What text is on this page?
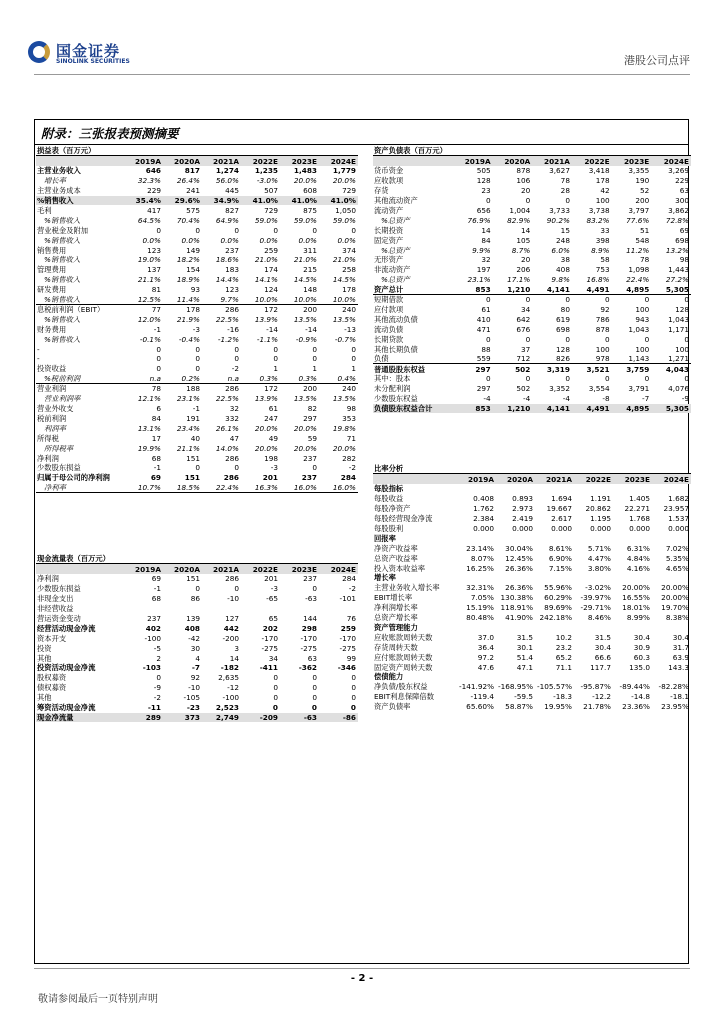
国金证券
SINOLINK SECURITIES	港股公司点评
附录：三张报表预测摘要
损益表（百万元）						
	2019A	2020A	2021A	2022E	2023E	2024E
主营业务收入	646	817	1,274	1,235	1,483	1,779
增长率	32.3%	26.4%	56.0%	-3.0%	20.0%	20.0%
主营业务成本	229	241	445	507	608	729
%销售收入	35.4%	29.6%	34.9%	41.0%	41.0%	41.0%
毛利	417	575	827	729	875	1,050
%销售收入	64.5%	70.4%	64.9%	59.0%	59.0%	59.0%
营业税金及附加	0	0	0	0	0	0
%销售收入	0.0%	0.0%	0.0%	0.0%	0.0%	0.0%
销售费用	123	149	237	259	311	374
%销售收入	19.0%	18.2%	18.6%	21.0%	21.0%	21.0%
管理费用	137	154	183	174	215	258
%销售收入	21.1%	18.9%	14.4%	14.1%	14.5%	14.5%
研发费用	81	93	123	124	148	178
%销售收入	12.5%	11.4%	9.7%	10.0%	10.0%	10.0%
息税前利润（EBIT）	77	178	286	172	200	240
%销售收入	12.0%	21.9%	22.5%	13.9%	13.5%	13.5%
财务费用	-1	-3	-16	-14	-14	-13
%销售收入	-0.1%	-0.4%	-1.2%	-1.1%	-0.9%	-0.7%
-	0	0	0	0	0	0
-	0	0	0	0	0	0
投资收益	0	0	-2	1	1	1
%税前利润	n.a	0.2%	n.a	0.3%	0.3%	0.4%
营业利润	78	188	286	172	200	240
营业利润率	12.1%	23.1%	22.5%	13.9%	13.5%	13.5%
营业外收支	6	-1	32	61	82	98
税前利润	84	191	332	247	297	353
利润率	13.1%	23.4%	26.1%	20.0%	20.0%	19.8%
所得税	17	40	47	49	59	71
所得税率	19.9%	21.1%	14.0%	20.0%	20.0%	20.0%
净利润	68	151	286	198	237	282
少数股东损益	-1	0	0	-3	0	-2
归属于母公司的净利润	69	151	286	201	237	284
净利率	10.7%	18.5%	22.4%	16.3%	16.0%	16.0%
资产负债表（百万元）						
	2019A	2020A	2021A	2022E	2023E	2024E
货币资金	505	878	3,627	3,418	3,355	3,269
应收款项	128	106	78	178	190	229
存货	23	20	28	42	52	63
其他流动资产	0	0	0	100	200	300
流动资产	656	1,004	3,733	3,738	3,797	3,862
%总资产	76.9%	82.9%	90.2%	83.2%	77.6%	72.8%
长期投资	14	14	15	33	51	69
固定资产	84	105	248	398	548	698
%总资产	9.9%	8.7%	6.0%	8.9%	11.2%	13.2%
无形资产	32	20	38	58	78	98
非流动资产	197	206	408	753	1,098	1,443
%总资产	23.1%	17.1%	9.8%	16.8%	22.4%	27.2%
资产总计	853	1,210	4,141	4,491	4,895	5,305
短期借款	0	0	0	0	0	0
应付款项	61	34	80	92	100	128
其他流动负债	410	642	619	786	943	1,043
流动负债	471	676	698	878	1,043	1,171
长期贷款	0	0	0	0	0	0
其他长期负债	88	37	128	100	100	100
负债	559	712	826	978	1,143	1,271
普通股股东权益	297	502	3,319	3,521	3,759	4,043
其中：股本	0	0	0	0	0	0
未分配利润	297	502	3,352	3,554	3,791	4,076
少数股东权益	-4	-4	-4	-8	-7	-9
负债股东权益合计	853	1,210	4,141	4,491	4,895	5,305
比率分析						
	2019A	2020A	2021A	2022E	2023E	2024E
每股指标						
每股收益	0.408	0.893	1.694	1.191	1.405	1.682
每股净资产	1.762	2.973	19.667	20.862	22.271	23.957
每股经营现金净流	2.384	2.419	2.617	1.195	1.768	1.537
每股股利	0.000	0.000	0.000	0.000	0.000	0.000
回报率						
净资产收益率	23.14%	30.04%	8.61%	5.71%	6.31%	7.02%
总资产收益率	8.07%	12.45%	6.90%	4.47%	4.84%	5.35%
投入资本收益率	16.25%	26.36%	7.15%	3.80%	4.16%	4.65%
增长率						
主营业务收入增长率	32.31%	26.36%	55.96%	-3.02%	20.00%	20.00%
EBIT增长率	7.05%	130.38%	60.29%	-39.97%	16.55%	20.00%
净利润增长率	15.19%	118.91%	89.69%	-29.71%	18.01%	19.70%
总资产增长率	80.48%	41.90%	242.18%	8.46%	8.99%	8.38%
资产管理能力						
应收账款周转天数	37.0	31.5	10.2	31.5	30.4	30.4
存货周转天数	36.4	30.1	23.2	30.4	30.9	31.7
应付账款周转天数	97.2	51.4	65.2	66.6	60.3	63.9
固定资产周转天数	47.6	47.1	71.1	117.7	135.0	143.3
偿债能力						
净负债/股东权益	-141.92%	-168.95%	-105.57%	-95.87%	-89.44%	-82.28%
EBIT利息保障倍数	-119.4	-59.5	-18.3	-12.2	-14.8	-18.1
资产负债率	65.60%	58.87%	19.95%	21.78%	23.36%	23.95%
现金流量表（百万元）						
	2019A	2020A	2021A	2022E	2023E	2024E
净利润	69	151	286	201	237	284
少数股东损益	-1	0	0	-3	0	-2
非现金支出	68	86	-10	-65	-63	-101
非经营收益						
营运资金变动	237	139	127	65	144	76
经营活动现金净流	402	408	442	202	298	259
资本开支	-100	-42	-200	-170	-170	-170
投资	-5	30	3	-275	-275	-275
其他	2	4	14	34	63	99
投资活动现金净流	-103	-7	-182	-411	-362	-346
股权募资	0	92	2,635	0	0	0
债权募资	-9	-10	-12	0	0	0
其他	-2	-105	-100	0	0	0
筹资活动现金净流	-11	-23	2,523	0	0	0
现金净流量	289	373	2,749	-209	-63	-86
- 2 -
敬请参阅最后一页特别声明
